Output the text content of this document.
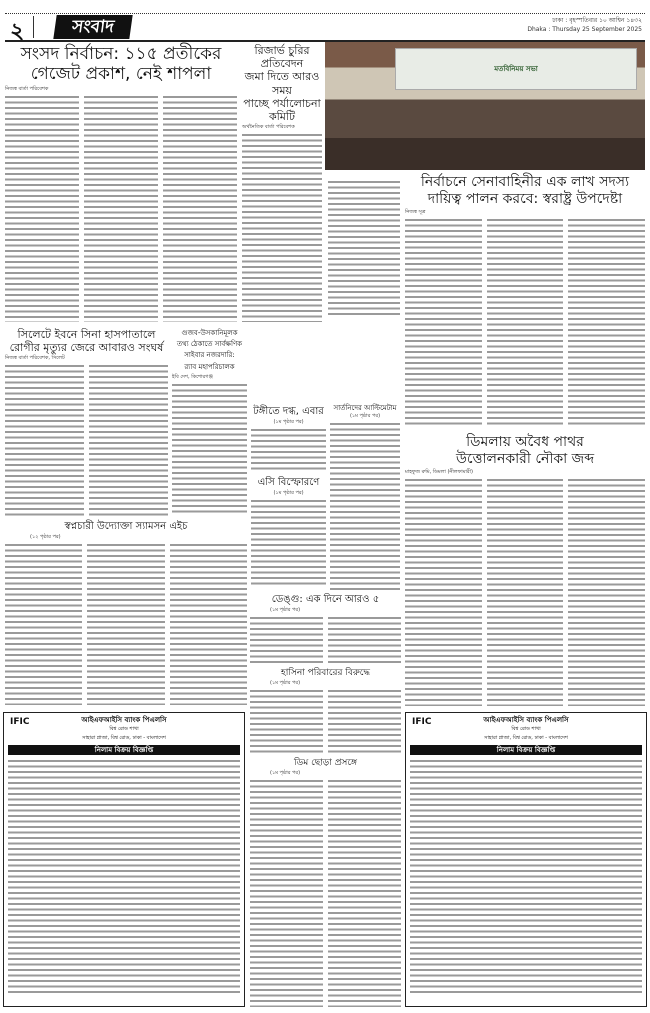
২	সংবাদ	ঢাকা : বৃহস্পতিবার ১০ আশ্বিন ১৪৩২
Dhaka : Thursday 25 September 2025
সংসদ নির্বাচন: ১১৫ প্রতীকের
গেজেট প্রকাশ, নেই শাপলা
নিজস্ব বার্তা পরিবেশক
রিজার্ভ চুরির প্রতিবেদন
জমা দিতে আরও সময়
পাচ্ছে পর্যালোচনা কমিটি
অর্থনৈতিক বার্তা পরিবেশক
মতবিনিময় সভা
নির্বাচনে সেনাবাহিনীর এক লাখ সদস্য
দায়িত্ব পালন করবে: স্বরাষ্ট্র উপদেষ্টা
নিজস্ব সূত্র
সিলেটে ইবনে সিনা হাসপাতালে
রোগীর মৃত্যুর জেরে আবারও সংঘর্ষ
নিজস্ব বার্তা পরিবেশক, সিলেট
গুজব-উসকানিমূলক
তথ্য ঠেকাতে সার্বক্ষণিক
সাইবার নজরদারি:
র‍্যাব মহাপরিচালক
ইবি দেশ, কিশোরগঞ্জ
টঙ্গীতে দগ্ধ, এবার
(১ম পৃষ্ঠার পর)
এসি বিস্ফোরণে
(১ম পৃষ্ঠার পর)
সার্তনিদের আল্টিমেটাম
(১ম পৃষ্ঠার পর)
ডিমলায় অবৈধ পাথর
উত্তোলনকারী নৌকা জব্দ
মাহফুজ রুমি, ডিমলা (নীলফামারী)
স্বপ্নচারী উদ্যোক্তা স্যামসন এইচ
(১২ পৃষ্ঠার পর)
ডেঙ্গু: এক দিনে আরও ৫
(১ম পৃষ্ঠার পর)
হাসিনা পরিবারের বিরুদ্ধে
(১ম পৃষ্ঠার পর)
ডিম ছোড়া প্রসঙ্গে
(১ম পৃষ্ঠার পর)
IFIC	আইএফআইসি ব্যাংক পিএলসি
বিশ্ব রোড শাখা
সাহারা প্লাজা, বিশ্ব রোড, ঢাকা - বাংলাদেশ
নিলাম বিক্রয় বিজ্ঞপ্তি
IFIC	আইএফআইসি ব্যাংক পিএলসি
বিশ্ব রোড শাখা
সাহারা প্লাজা, বিশ্ব রোড, ঢাকা - বাংলাদেশ
নিলাম বিক্রয় বিজ্ঞপ্তি
